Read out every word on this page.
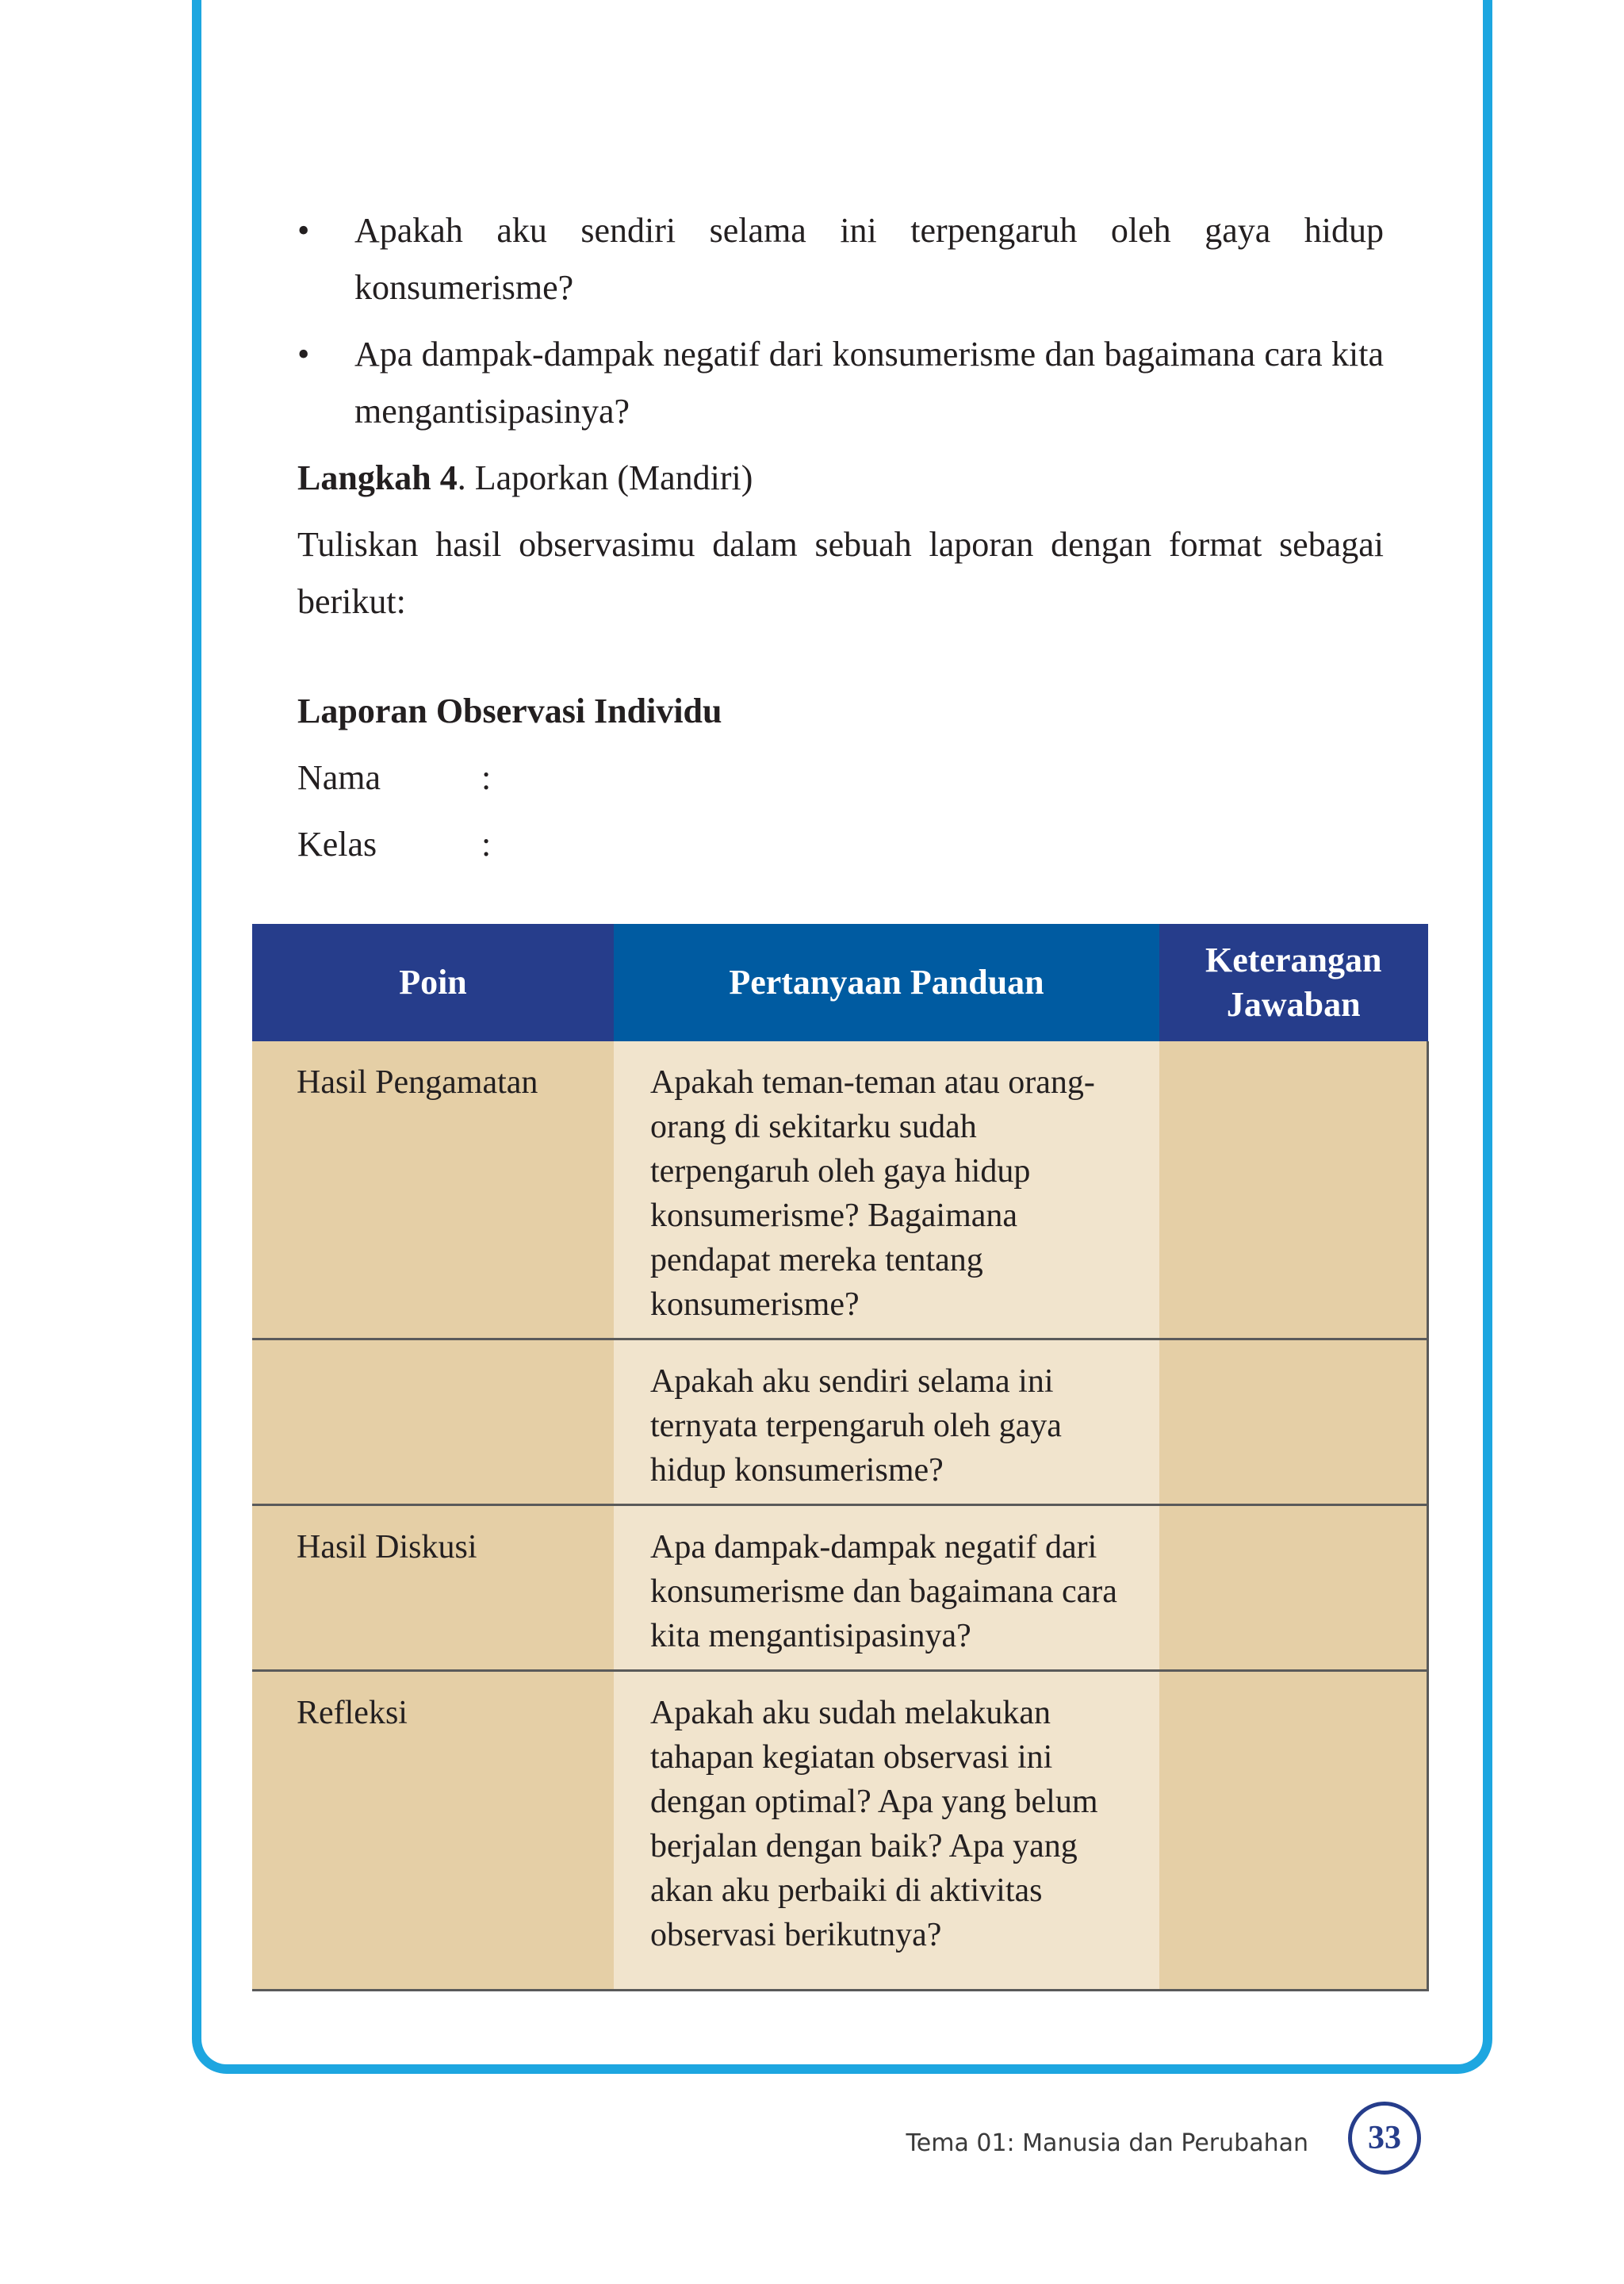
• Apakah aku sendiri selama ini terpengaruh oleh gaya hidup konsumerisme?
• Apa dampak-dampak negatif dari konsumerisme dan bagaimana cara kita mengantisipasinya?

Langkah 4. Laporkan (Mandiri)

Tuliskan hasil observasimu dalam sebuah laporan dengan format sebagai berikut:

Laporan Observasi Individu
Nama	:
Kelas	:
Poin	Pertanyaan Panduan	Keterangan Jawaban
Hasil Pengamatan	Apakah teman-teman atau orang-orang di sekitarku sudah terpengaruh oleh gaya hidup konsumerisme? Bagaimana pendapat mereka tentang konsumerisme?	
	Apakah aku sendiri selama ini ternyata terpengaruh oleh gaya hidup konsumerisme?	
Hasil Diskusi	Apa dampak-dampak negatif dari konsumerisme dan bagaimana cara kita mengantisipasinya?	
Refleksi	Apakah aku sudah melakukan tahapan kegiatan observasi ini dengan optimal? Apa yang belum berjalan dengan baik? Apa yang akan aku perbaiki di aktivitas observasi berikutnya?	
Tema 01: Manusia dan Perubahan	33
